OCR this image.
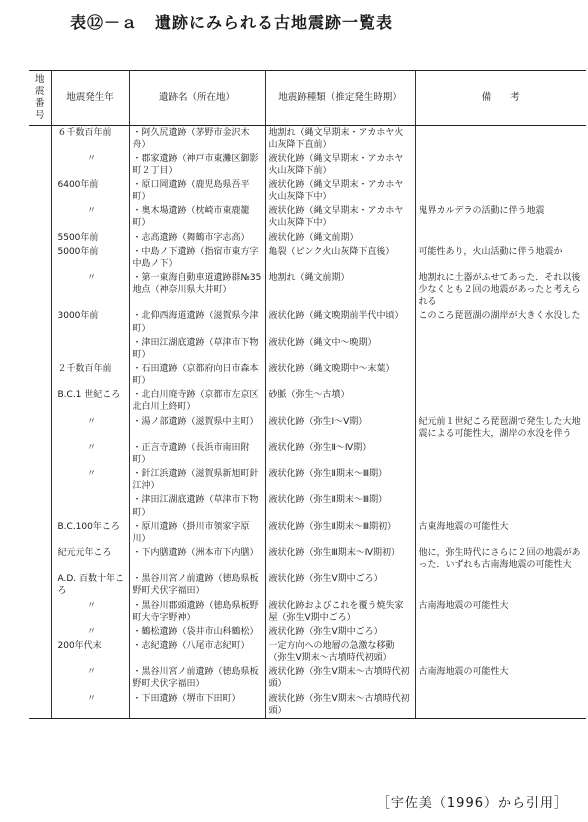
表⑫－ａ　遺跡にみられる古地震跡一覧表
地震番号	地震発生年	遺跡名（所在地）	地震跡種類（推定発生時期）	備　　考
	６千数百年前	・阿久尻遺跡（茅野市金沢木舟）	地割れ（縄文早期末・アカホヤ火山灰降下直前）	
	〃	・郡家遺跡（神戸市東灘区御影町２丁目）	液状化跡（縄文早期末・アカホヤ火山灰降下前）	
	6400年前	・原口岡遺跡（鹿児島県吾平町）	液状化跡（縄文早期末・アカホヤ火山灰降下中）	
	〃	・奥木場遺跡（枕崎市東鹿籠町）	液状化跡（縄文早期末・アカホヤ火山灰降下中）	鬼界カルデラの活動に伴う地震
	5500年前	・志高遺跡（舞鶴市字志高）	液状化跡（縄文前期）	
	5000年前	・中島ノ下遺跡（指宿市東方字中島ノ下）	亀裂（ピンク火山灰降下直後）	可能性あり，火山活動に伴う地震か
	〃	・第一東海自動車道遺跡群№35地点（神奈川県大井町）	地割れ（縄文前期）	地割れに土器がふせてあった．それ以後少なくとも２回の地震があったと考えられる
	3000年前	・北仰西海道遺跡（滋賀県今津町）	液状化跡（縄文晩期前半代中頃）	このころ琵琶湖の湖岸が大きく水没した
		・津田江湖底遺跡（草津市下物町）	液状化跡（縄文中～晩期）	
	２千数百年前	・石田遺跡（京都府向日市森本町）	液状化跡（縄文晩期中～末葉）	
	B.C.1 世紀ころ	・北白川廃寺跡（京都市左京区北白川上終町）	砂脈（弥生～古墳）	
	〃	・湯ノ部遺跡（滋賀県中主町）	液状化跡（弥生Ⅰ～Ⅴ期）	紀元前１世紀ころ琵琶湖で発生した大地震による可能性大，湖岸の水没を伴う
	〃	・正言寺遺跡（長浜市南田附町）	液状化跡（弥生Ⅱ～Ⅳ期）	
	〃	・針江浜遺跡（滋賀県新旭町針江沖）	液状化跡（弥生Ⅱ期末～Ⅲ期）	
		・津田江湖底遺跡（草津市下物町）	液状化跡（弥生Ⅱ期末～Ⅲ期）	
	B.C.100年ころ	・原川遺跡（掛川市領家字原川）	液状化跡（弥生Ⅱ期末～Ⅲ期初）	古東海地震の可能性大
	紀元元年ころ	・下内膳遺跡（洲本市下内膳）	液状化跡（弥生Ⅲ期末～Ⅳ期初）	他に，弥生時代にさらに２回の地震があった．いずれも古南海地震の可能性大
	A.D. 百数十年ころ	・黒谷川宮ノ前遺跡（徳島県板野町犬伏字福田）	液状化跡（弥生Ⅴ期中ごろ）	
	〃	・黒谷川郡頭遺跡（徳島県板野町大寺字野神）	液状化跡およびこれを覆う焼失家屋（弥生Ⅴ期中ごろ）	古南海地震の可能性大
	〃	・鶴松遺跡（袋井市山科鶴松）	液状化跡（弥生Ⅴ期中ごろ）	
	200年代末	・志紀遺跡（八尾市志紀町）	一定方向への地層の急激な移動（弥生Ⅴ期末～古墳時代初頭）	
	〃	・黒谷川宮ノ前遺跡（徳島県板野町犬伏字福田）	液状化跡（弥生Ⅴ期末～古墳時代初頭）	古南海地震の可能性大
	〃	・下田遺跡（堺市下田町）	液状化跡（弥生Ⅴ期末～古墳時代初頭）	
［宇佐美（1996）から引用］
